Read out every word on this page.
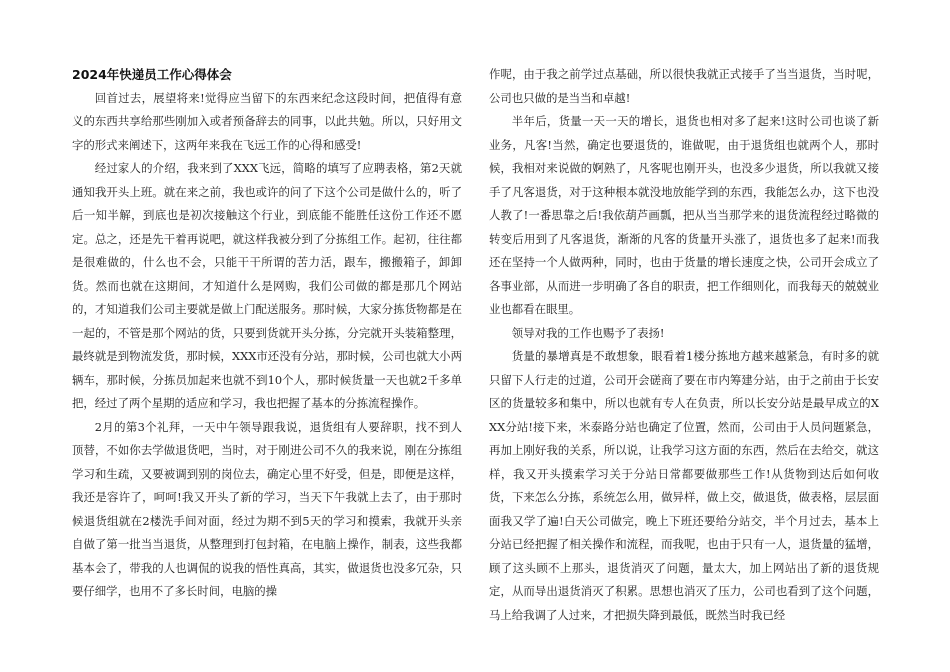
2024年快递员工作心得体会

回首过去，展望将来!觉得应当留下的东西来纪念这段时间，把值得有意义的东西共享给那些刚加入或者预备辞去的同事，以此共勉。所以，只好用文字的形式来阐述下，这两年来我在飞远工作的心得和感受!

经过家人的介绍，我来到了XXX飞远，简略的填写了应聘表格，第2天就通知我开头上班。就在来之前，我也或许的问了下这个公司是做什么的，听了后一知半解，到底也是初次接触这个行业，到底能不能胜任这份工作还不愿定。总之，还是先干着再说吧，就这样我被分到了分拣组工作。起初，往往都是很难做的，什么也不会，只能干干所谓的苦力活，跟车，搬搬箱子，卸卸货。然而也就在这期间，才知道什么是网购，我们公司做的都是那几个网站的，才知道我们公司主要就是做上门配送服务。那时候，大家分拣货物都是在一起的，不管是那个网站的货，只要到货就开头分拣，分完就开头装箱整理，最终就是到物流发货，那时候，XXX市还没有分站，那时候，公司也就大小两辆车，那时候，分拣员加起来也就不到10个人，那时候货量一天也就2千多单把，经过了两个星期的适应和学习，我也把握了基本的分拣流程操作。

2月的第3个礼拜，一天中午领导跟我说，退货组有人要辞职，找不到人顶替，不如你去学做退货吧，当时，对于刚进公司不久的我来说，刚在分拣组学习和生疏，又要被调到别的岗位去，确定心里不好受，但是，即便是这样，我还是容许了，呵呵!我又开头了新的学习，当天下午我就上去了，由于那时候退货组就在2楼洗手间对面，经过为期不到5天的学习和摸索，我就开头亲自做了第一批当当退货，从整理到打包封箱，在电脑上操作，制表，这些我都基本会了，带我的人也调侃的说我的悟性真高，其实，做退货也没多冗杂，只要仔细学，也用不了多长时间，电脑的操

作呢，由于我之前学过点基础，所以很快我就正式接手了当当退货，当时呢，公司也只做的是当当和卓越!

半年后，货量一天一天的增长，退货也相对多了起来!这时公司也谈了新业务，凡客!当然，确定也要退货的，谁做呢，由于退货组也就两个人，那时候，我相对来说做的婀熟了，凡客呢也刚开头，也没多少退货，所以我就又接手了凡客退货，对于这种根本就没地放能学到的东西，我能怎么办，这下也没人教了!一番思靠之后!我依葫芦画瓢，把从当当那学来的退货流程经过略微的转变后用到了凡客退货，渐渐的凡客的货量开头涨了，退货也多了起来!而我还在坚持一个人做两种，同时，也由于货量的增长速度之快，公司开会成立了各事业部，从而进一步明确了各自的职责，把工作细则化，而我每天的兢兢业业也都看在眼里。

领导对我的工作也赐予了表扬!

货量的暴增真是不敢想象，眼看着1楼分拣地方越来越紧急，有时多的就只留下人行走的过道，公司开会磋商了要在市内筹建分站，由于之前由于长安区的货量较多和集中，所以也就有专人在负责，所以长安分站是最早成立的XXX分站!接下来，米泰路分站也确定了位置，然而，公司由于人员问题紧急，再加上刚好我的关系，所以说，让我学习这方面的东西，然后在去给交，就这样，我又开头摸索学习关于分站日常都要做那些工作!从货物到达后如何收货，下来怎么分拣，系统怎么用，做异样，做上交，做退货，做表格，层层面面我又学了遍!白天公司做完，晚上下班还要给分站交，半个月过去，基本上分站已经把握了相关操作和流程，而我呢，也由于只有一人，退货量的猛增，顾了这头顾不上那头，退货消灭了问题，量太大，加上网站出了新的退货规定，从而导出退货消灭了积累。思想也消灭了压力，公司也看到了这个问题，马上给我调了人过来，才把损失降到最低，既然当时我已经
